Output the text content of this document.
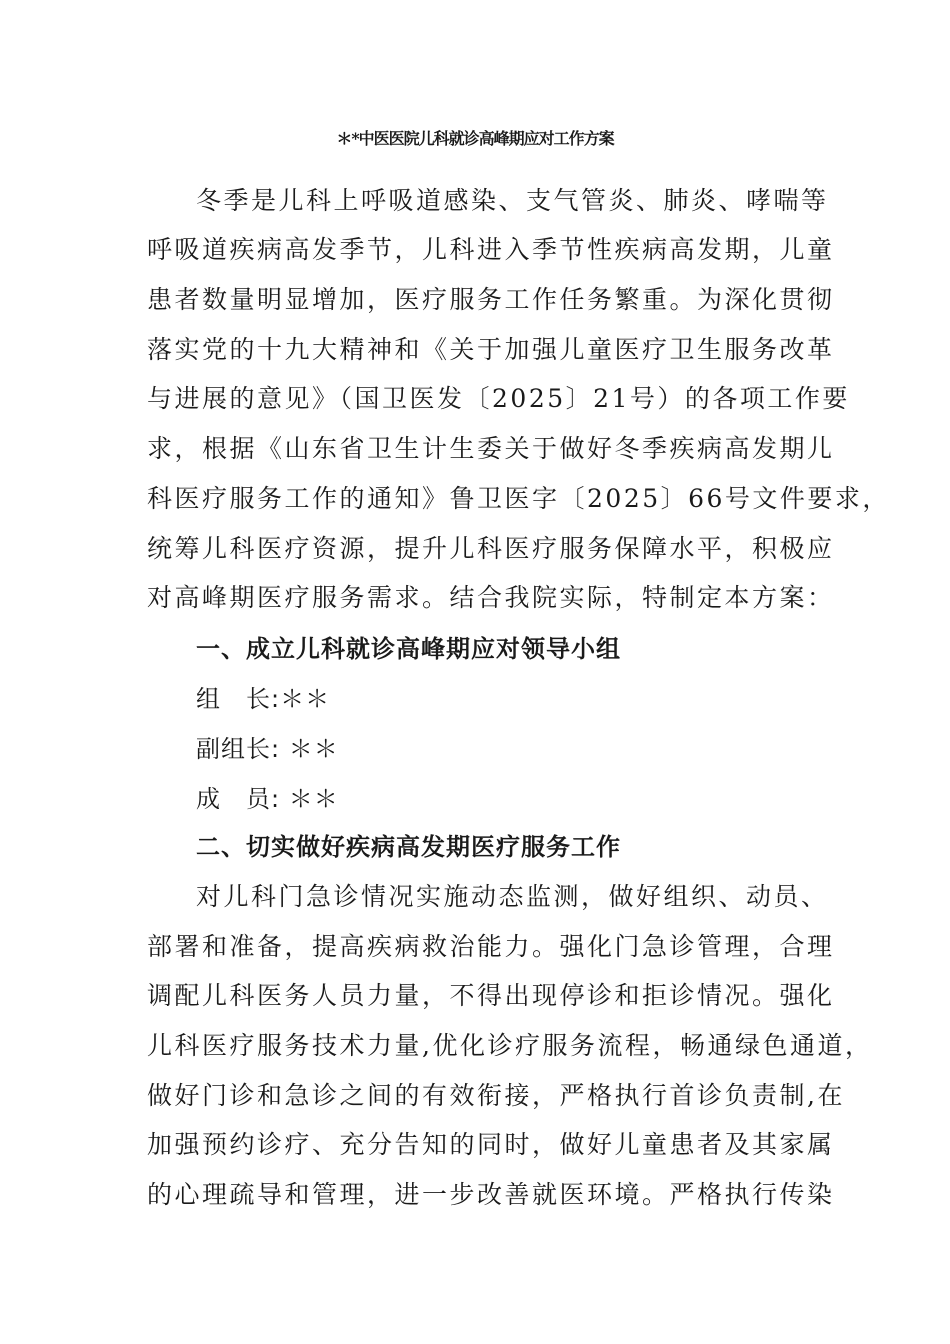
＊*中医医院儿科就诊高峰期应对工作方案
冬季是儿科上呼吸道感染、支气管炎、肺炎、哮喘等
呼吸道疾病高发季节，儿科进入季节性疾病高发期，儿童
患者数量明显增加，医疗服务工作任务繁重。为深化贯彻
落实党的十九大精神和《关于加强儿童医疗卫生服务改革
与进展的意见》（国卫医发〔2025〕21号）的各项工作要
求，根据《山东省卫生计生委关于做好冬季疾病高发期儿
科医疗服务工作的通知》鲁卫医字〔2025〕66号文件要求，
统筹儿科医疗资源，提升儿科医疗服务保障水平，积极应
对高峰期医疗服务需求。结合我院实际，特制定本方案：
一、成立儿科就诊高峰期应对领导小组
组　长:＊＊
副组长: ＊＊
成　员: ＊＊
二、切实做好疾病高发期医疗服务工作
对儿科门急诊情况实施动态监测，做好组织、动员、
部署和准备，提高疾病救治能力。强化门急诊管理，合理
调配儿科医务人员力量，不得出现停诊和拒诊情况。强化
儿科医疗服务技术力量,优化诊疗服务流程，畅通绿色通道，
做好门诊和急诊之间的有效衔接，严格执行首诊负责制,在
加强预约诊疗、充分告知的同时，做好儿童患者及其家属
的心理疏导和管理，进一步改善就医环境。严格执行传染
